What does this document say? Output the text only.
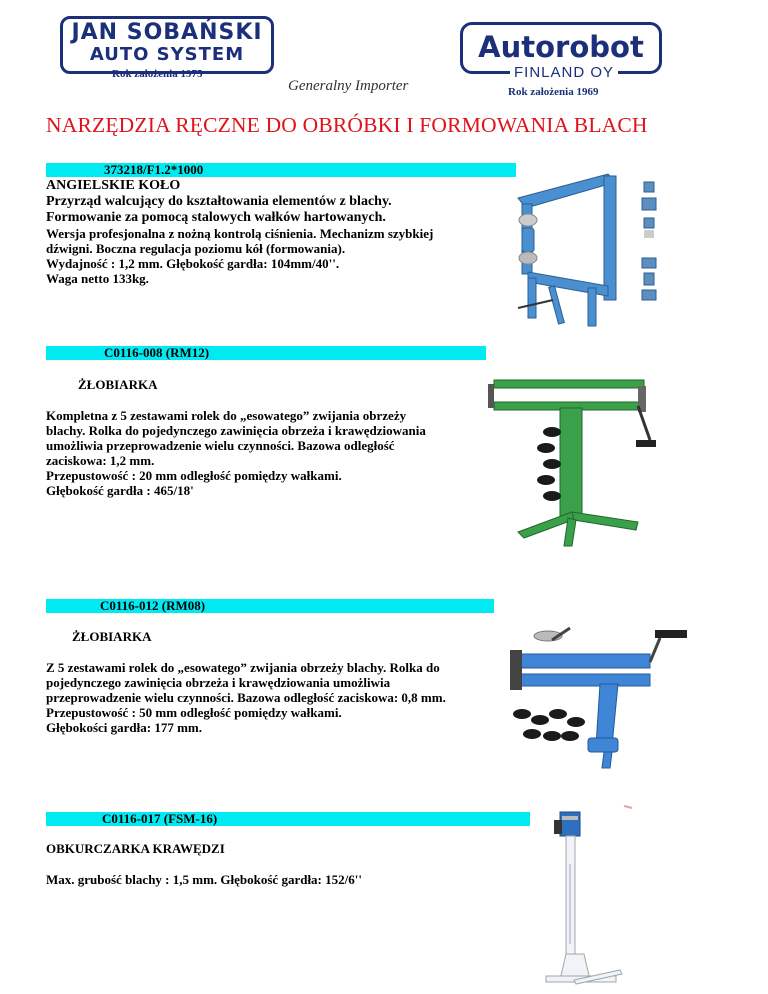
JAN SOBAŃSKI
AUTO SYSTEM
Rok założenia 1975
Generalny Importer
Autorobot
FINLAND OY
Rok założenia 1969
NARZĘDZIA RĘCZNE DO OBRÓBKI I FORMOWANIA BLACH
373218/F1.2*1000
ANGIELSKIE KOŁO
Przyrząd walcujący do kształtowania elementów z blachy.
Formowanie za pomocą stalowych wałków hartowanych.
Wersja profesjonalna z nożną kontrolą ciśnienia. Mechanizm szybkiej
dźwigni. Boczna regulacja poziomu kół (formowania).
Wydajność : 1,2 mm. Głębokość gardła: 104mm/40''.
Waga netto 133kg.
C0116-008 (RM12)
ŻŁOBIARKA
Kompletna z 5 zestawami rolek do „esowatego” zwijania obrzeży
blachy. Rolka do pojedynczego zawinięcia obrzeża i krawędziowania
umożliwia przeprowadzenie wielu czynności. Bazowa odległość
zaciskowa: 1,2 mm.
Przepustowość : 20 mm odległość pomiędzy wałkami.
Głębokość gardła : 465/18'
C0116-012 (RM08)
ŻŁOBIARKA
Z 5 zestawami rolek do „esowatego” zwijania obrzeży blachy. Rolka do
pojedynczego zawinięcia obrzeża i krawędziowania umożliwia
przeprowadzenie wielu czynności. Bazowa odległość zaciskowa: 0,8 mm.
Przepustowość : 50 mm odległość pomiędzy wałkami.
Głębokości gardła: 177 mm.
C0116-017 (FSM-16)
OBKURCZARKA KRAWĘDZI
Max. grubość blachy : 1,5 mm. Głębokość gardła: 152/6''
